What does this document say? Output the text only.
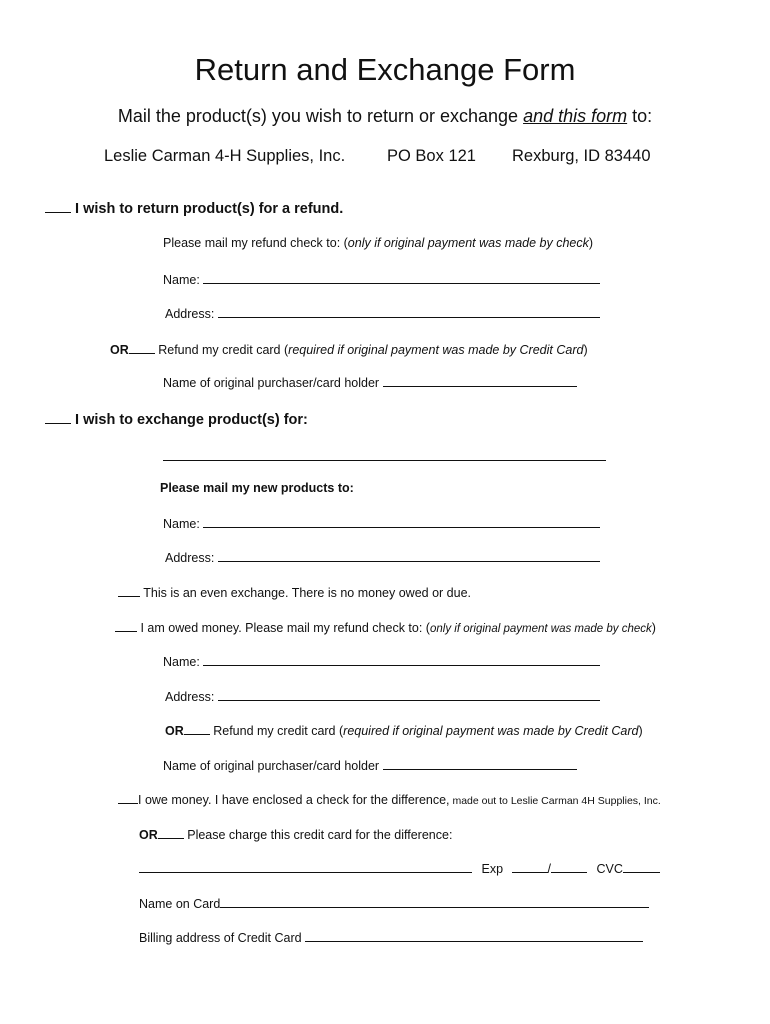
Return and Exchange Form
Mail the product(s) you wish to return or exchange and this form to:
Leslie Carman 4-H Supplies, Inc.	PO Box 121 Rexburg, ID 83440
I wish to return product(s) for a refund.
Please mail my refund check to: (only if original payment was made by check)
Name:
Address:
OR Refund my credit card (required if original payment was made by Credit Card)
Name of original purchaser/card holder
I wish to exchange product(s) for:
Please mail my new products to:
Name:
Address:
This is an even exchange. There is no money owed or due.
I am owed money. Please mail my refund check to: (only if original payment was made by check)
Name:
Address:
OR Refund my credit card (required if original payment was made by Credit Card)
Name of original purchaser/card holder
I owe money. I have enclosed a check for the difference, made out to Leslie Carman 4H Supplies, Inc.
OR Please charge this credit card for the difference:
Exp	/	CVC
Name on Card
Billing address of Credit Card
